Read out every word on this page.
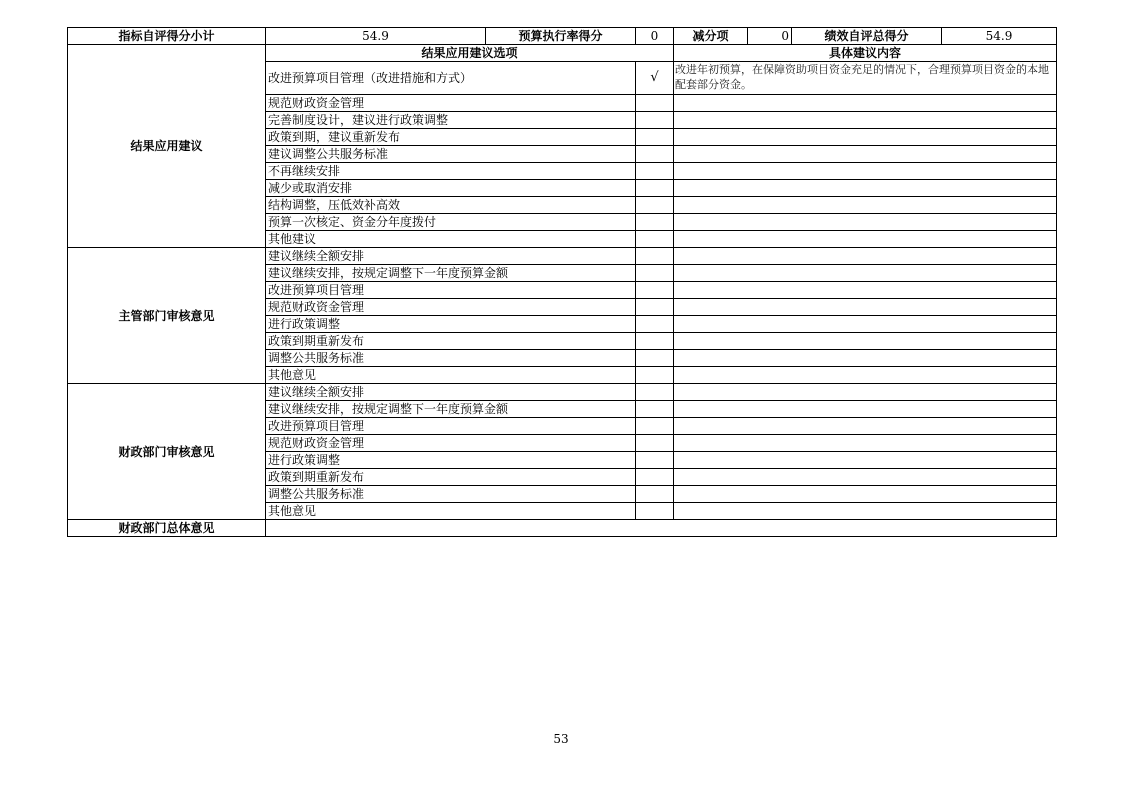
指标自评得分小计	54.9	预算执行率得分	0	减分项	0	绩效自评总得分	54.9
结果应用建议	结果应用建议选项			具体建议内容			
	改进预算项目管理（改进措施和方式）		√	改进年初预算，在保障资助项目资金充足的情况下，合理预算项目资金的本地配套部分资金。			
	规范财政资金管理						
	完善制度设计，建议进行政策调整						
	政策到期，建议重新发布						
	建议调整公共服务标准						
	不再继续安排						
	减少或取消安排						
	结构调整，压低效补高效						
	预算一次核定、资金分年度拨付						
	其他建议						
主管部门审核意见	建议继续全额安排						
	建议继续安排，按规定调整下一年度预算金额						
	改进预算项目管理						
	规范财政资金管理						
	进行政策调整						
	政策到期重新发布						
	调整公共服务标准						
	其他意见						
财政部门审核意见	建议继续全额安排						
	建议继续安排，按规定调整下一年度预算金额						
	改进预算项目管理						
	规范财政资金管理						
	进行政策调整						
	政策到期重新发布						
	调整公共服务标准						
	其他意见						
财政部门总体意见							
53
